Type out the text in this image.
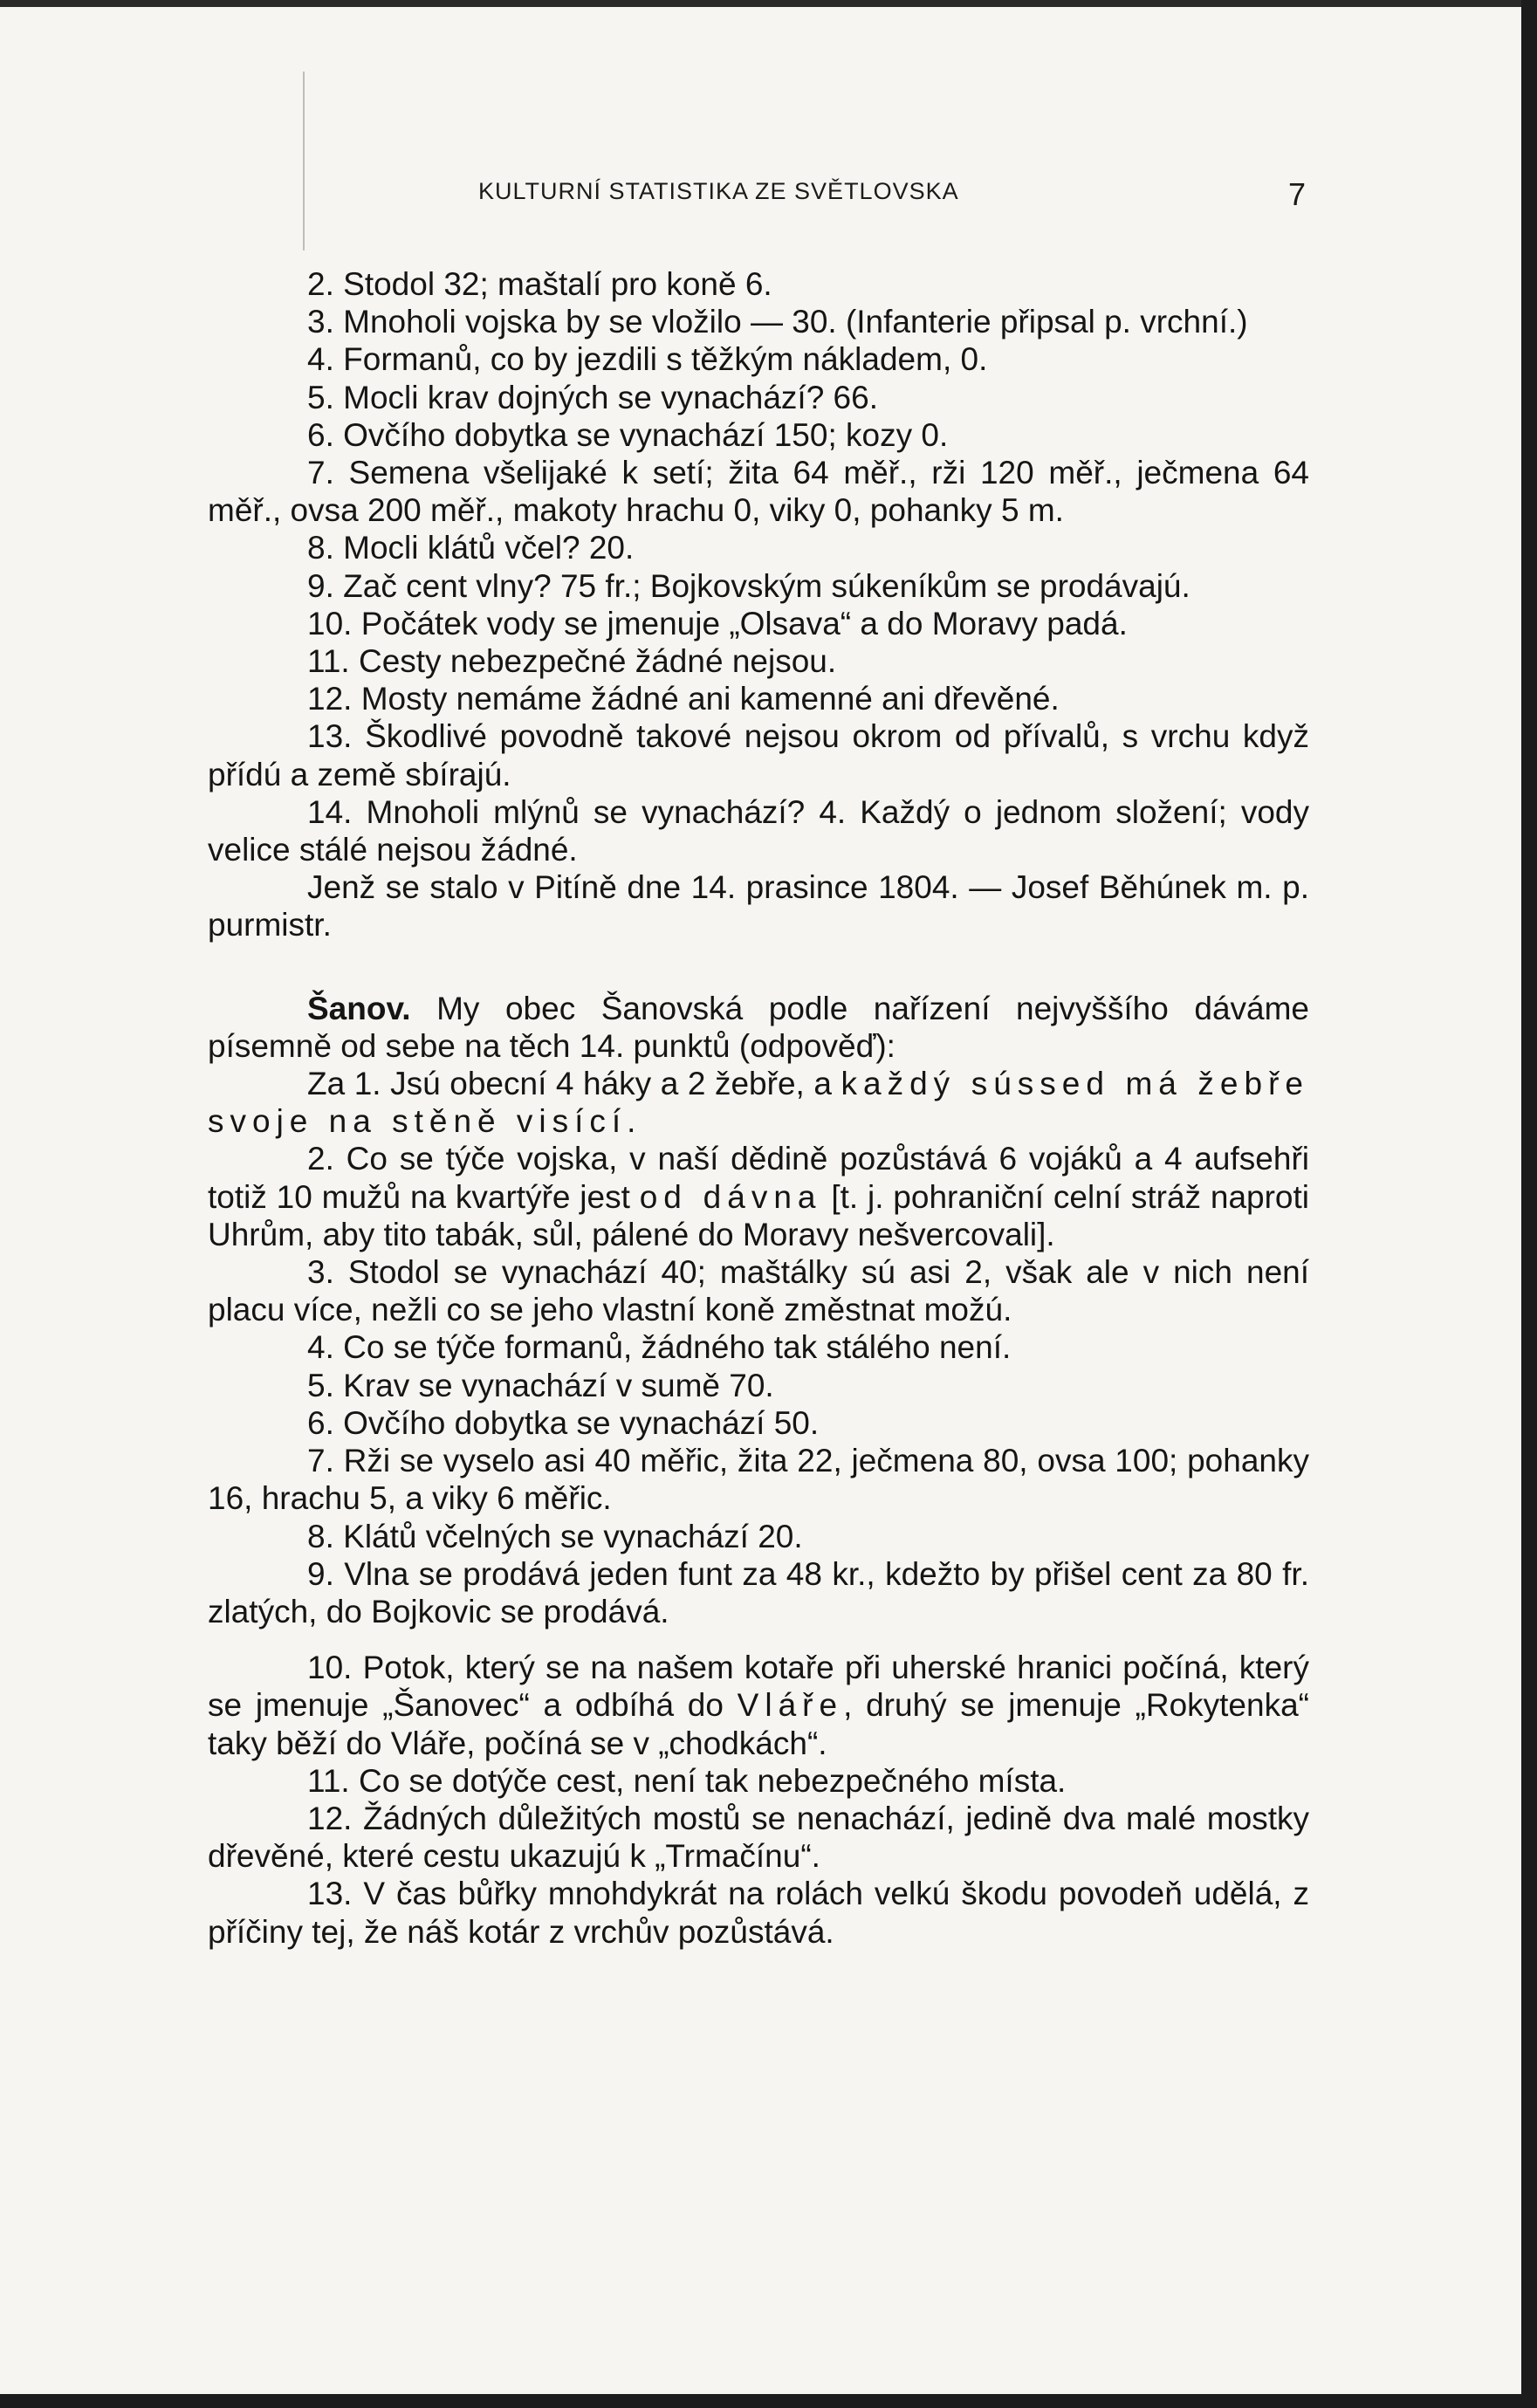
KULTURNÍ STATISTIKA ZE SVĚTLOVSKA	7

2. Stodol 32; maštalí pro koně 6.

3. Mnoholi vojska by se vložilo — 30. (Infanterie připsal p. vrchní.)

4. Formanů, co by jezdili s těžkým nákladem, 0.

5. Mocli krav dojných se vynachází? 66.

6. Ovčího dobytka se vynachází 150; kozy 0.

7. Semena všelijaké k setí; žita 64 měř., rži 120 měř., ječmena 64 měř., ovsa 200 měř., makoty hrachu 0, viky 0, pohanky 5 m.

8. Mocli klátů včel? 20.

9. Zač cent vlny? 75 fr.; Bojkovským súkeníkům se prodávajú.

10. Počátek vody se jmenuje „Olsava“ a do Moravy padá.

11. Cesty nebezpečné žádné nejsou.

12. Mosty nemáme žádné ani kamenné ani dřevěné.

13. Škodlivé povodně takové nejsou okrom od přívalů, s vrchu když přídú a země sbírajú.

14. Mnoholi mlýnů se vynachází? 4. Každý o jednom složení; vody velice stálé nejsou žádné.

Jenž se stalo v Pitíně dne 14. prasince 1804. — Josef Běhúnek m. p. purmistr.

Šanov. My obec Šanovská podle nařízení nejvyššího dáváme písemně od sebe na těch 14. punktů (odpověď):

Za 1. Jsú obecní 4 háky a 2 žebře, a každý sússed má žebře svoje na stěně visící.

2. Co se týče vojska, v naší dědině pozůstává 6 vojáků a 4 aufsehři totiž 10 mužů na kvartýře jest od dávna [t. j. pohraniční celní stráž naproti Uhrům, aby tito tabák, sůl, pálené do Moravy nešvercovali].

3. Stodol se vynachází 40; maštálky sú asi 2, však ale v nich není placu více, nežli co se jeho vlastní koně změstnat možú.

4. Co se týče formanů, žádného tak stálého není.

5. Krav se vynachází v sumě 70.

6. Ovčího dobytka se vynachází 50.

7. Rži se vyselo asi 40 měřic, žita 22, ječmena 80, ovsa 100; pohanky 16, hrachu 5, a viky 6 měřic.

8. Klátů včelných se vynachází 20.

9. Vlna se prodává jeden funt za 48 kr., kdežto by přišel cent za 80 fr. zlatých, do Bojkovic se prodává.

10. Potok, který se na našem kotaře při uherské hranici počíná, který se jmenuje „Šanovec“ a odbíhá do Vláře, druhý se jmenuje „Rokytenka“ taky běží do Vláře, počíná se v „chodkách“.

11. Co se dotýče cest, není tak nebezpečného místa.

12. Žádných důležitých mostů se nenachází, jedině dva malé mostky dřevěné, které cestu ukazujú k „Trmačínu“.

13. V čas bůřky mnohdykrát na rolách velkú škodu povodeň udělá, z příčiny tej, že náš kotár z vrchův pozůstává.
